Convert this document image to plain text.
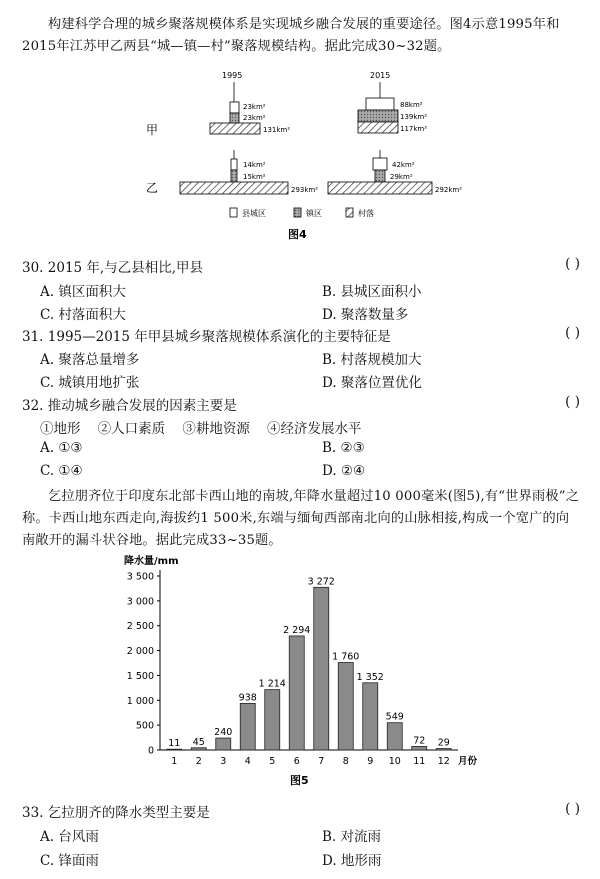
构建科学合理的城乡聚落规模体系是实现城乡融合发展的重要途径。图4示意1995年和2015年江苏甲乙两县“城—镇—村”聚落规模结构。据此完成30~32题。

1995	2015
甲
乙
23km²
23km²
131km²
88km²
139km²
117km²
14km²
15km²
293km²
42km²
29km²
292km²
县城区	镇区	村落
图4
30. 2015 年,与乙县相比,甲县	( )
A. 镇区面积大	B. 县城区面积小
C. 村落面积大	D. 聚落数量多
31. 1995—2015 年甲县城乡聚落规模体系演化的主要特征是	( )
A. 聚落总量增多	B. 村落规模加大
C. 城镇用地扩张	D. 聚落位置优化
32. 推动城乡融合发展的因素主要是	( )
①地形    ②人口素质    ③耕地资源    ④经济发展水平
A. ①③	B. ②③
C. ①④	D. ②④

乞拉朋齐位于印度东北部卡西山地的南坡,年降水量超过10 000毫米(图5),有“世界雨极”之称。卡西山地东西走向,海拔约1 500米,东端与缅甸西部南北向的山脉相接,构成一个宽广的向南敞开的漏斗状谷地。据此完成33~35题。

降水量/mm
0
500
1 000
1 500
2 000
2 500
3 000
3 500
11
1
45
2
240
3
938
4
1 214
5
2 294
6
3 272
7
1 760
8
1 352
9
549
10
72
11
29
12 月份
图5
33. 乞拉朋齐的降水类型主要是	( )
A. 台风雨	B. 对流雨
C. 锋面雨	D. 地形雨
